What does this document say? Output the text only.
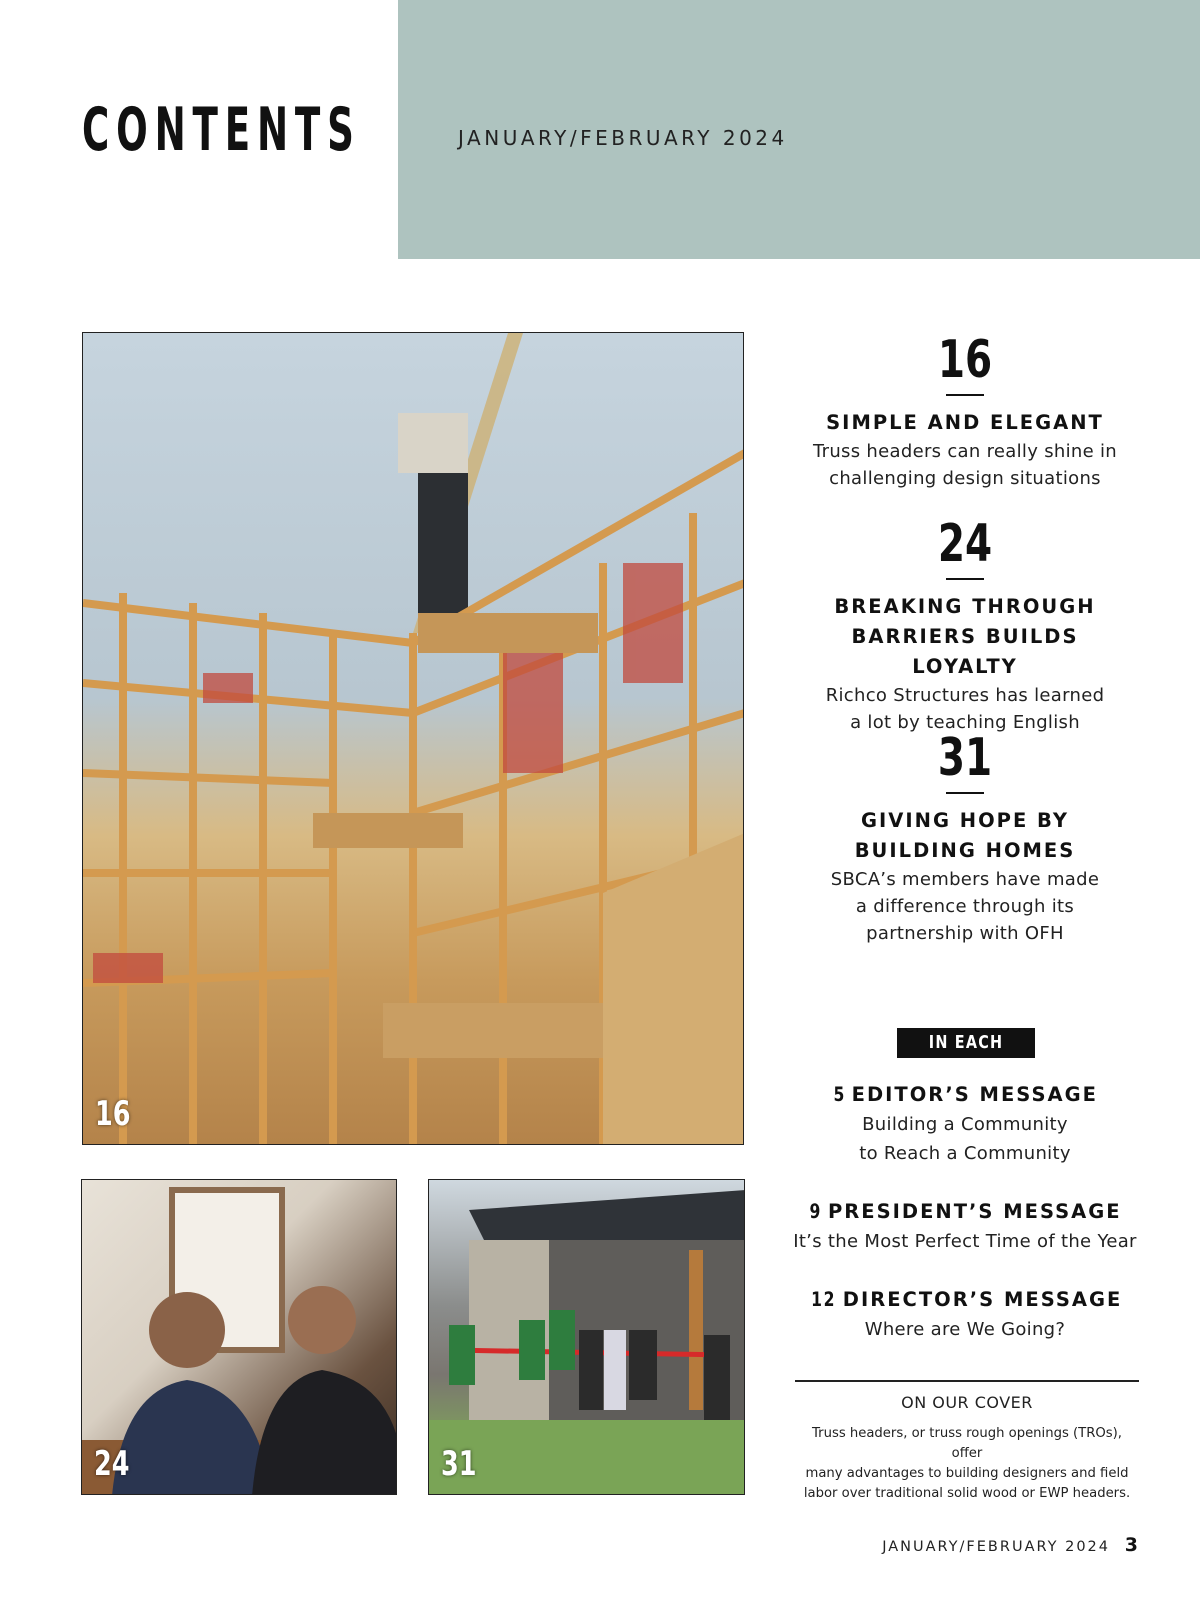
CONTENTS	JANUARY/FEBRUARY 2024
16
24	31
16
SIMPLE AND ELEGANT
Truss headers can really shine in
challenging design situations
24
BREAKING THROUGH
BARRIERS BUILDS LOYALTY
Richco Structures has learned
a lot by teaching English
31
GIVING HOPE BY
BUILDING HOMES
SBCA’s members have made
a difference through its
partnership with OFH
IN EACH ISSUE
5 EDITOR’S MESSAGE
Building a Community
to Reach a Community
9 PRESIDENT’S MESSAGE
It’s the Most Perfect Time of the Year
12 DIRECTOR’S MESSAGE
Where are We Going?
ON OUR COVER
Truss headers, or truss rough openings (TROs), offer
many advantages to building designers and field
labor over traditional solid wood or EWP headers.
JANUARY/FEBRUARY 2024 3
